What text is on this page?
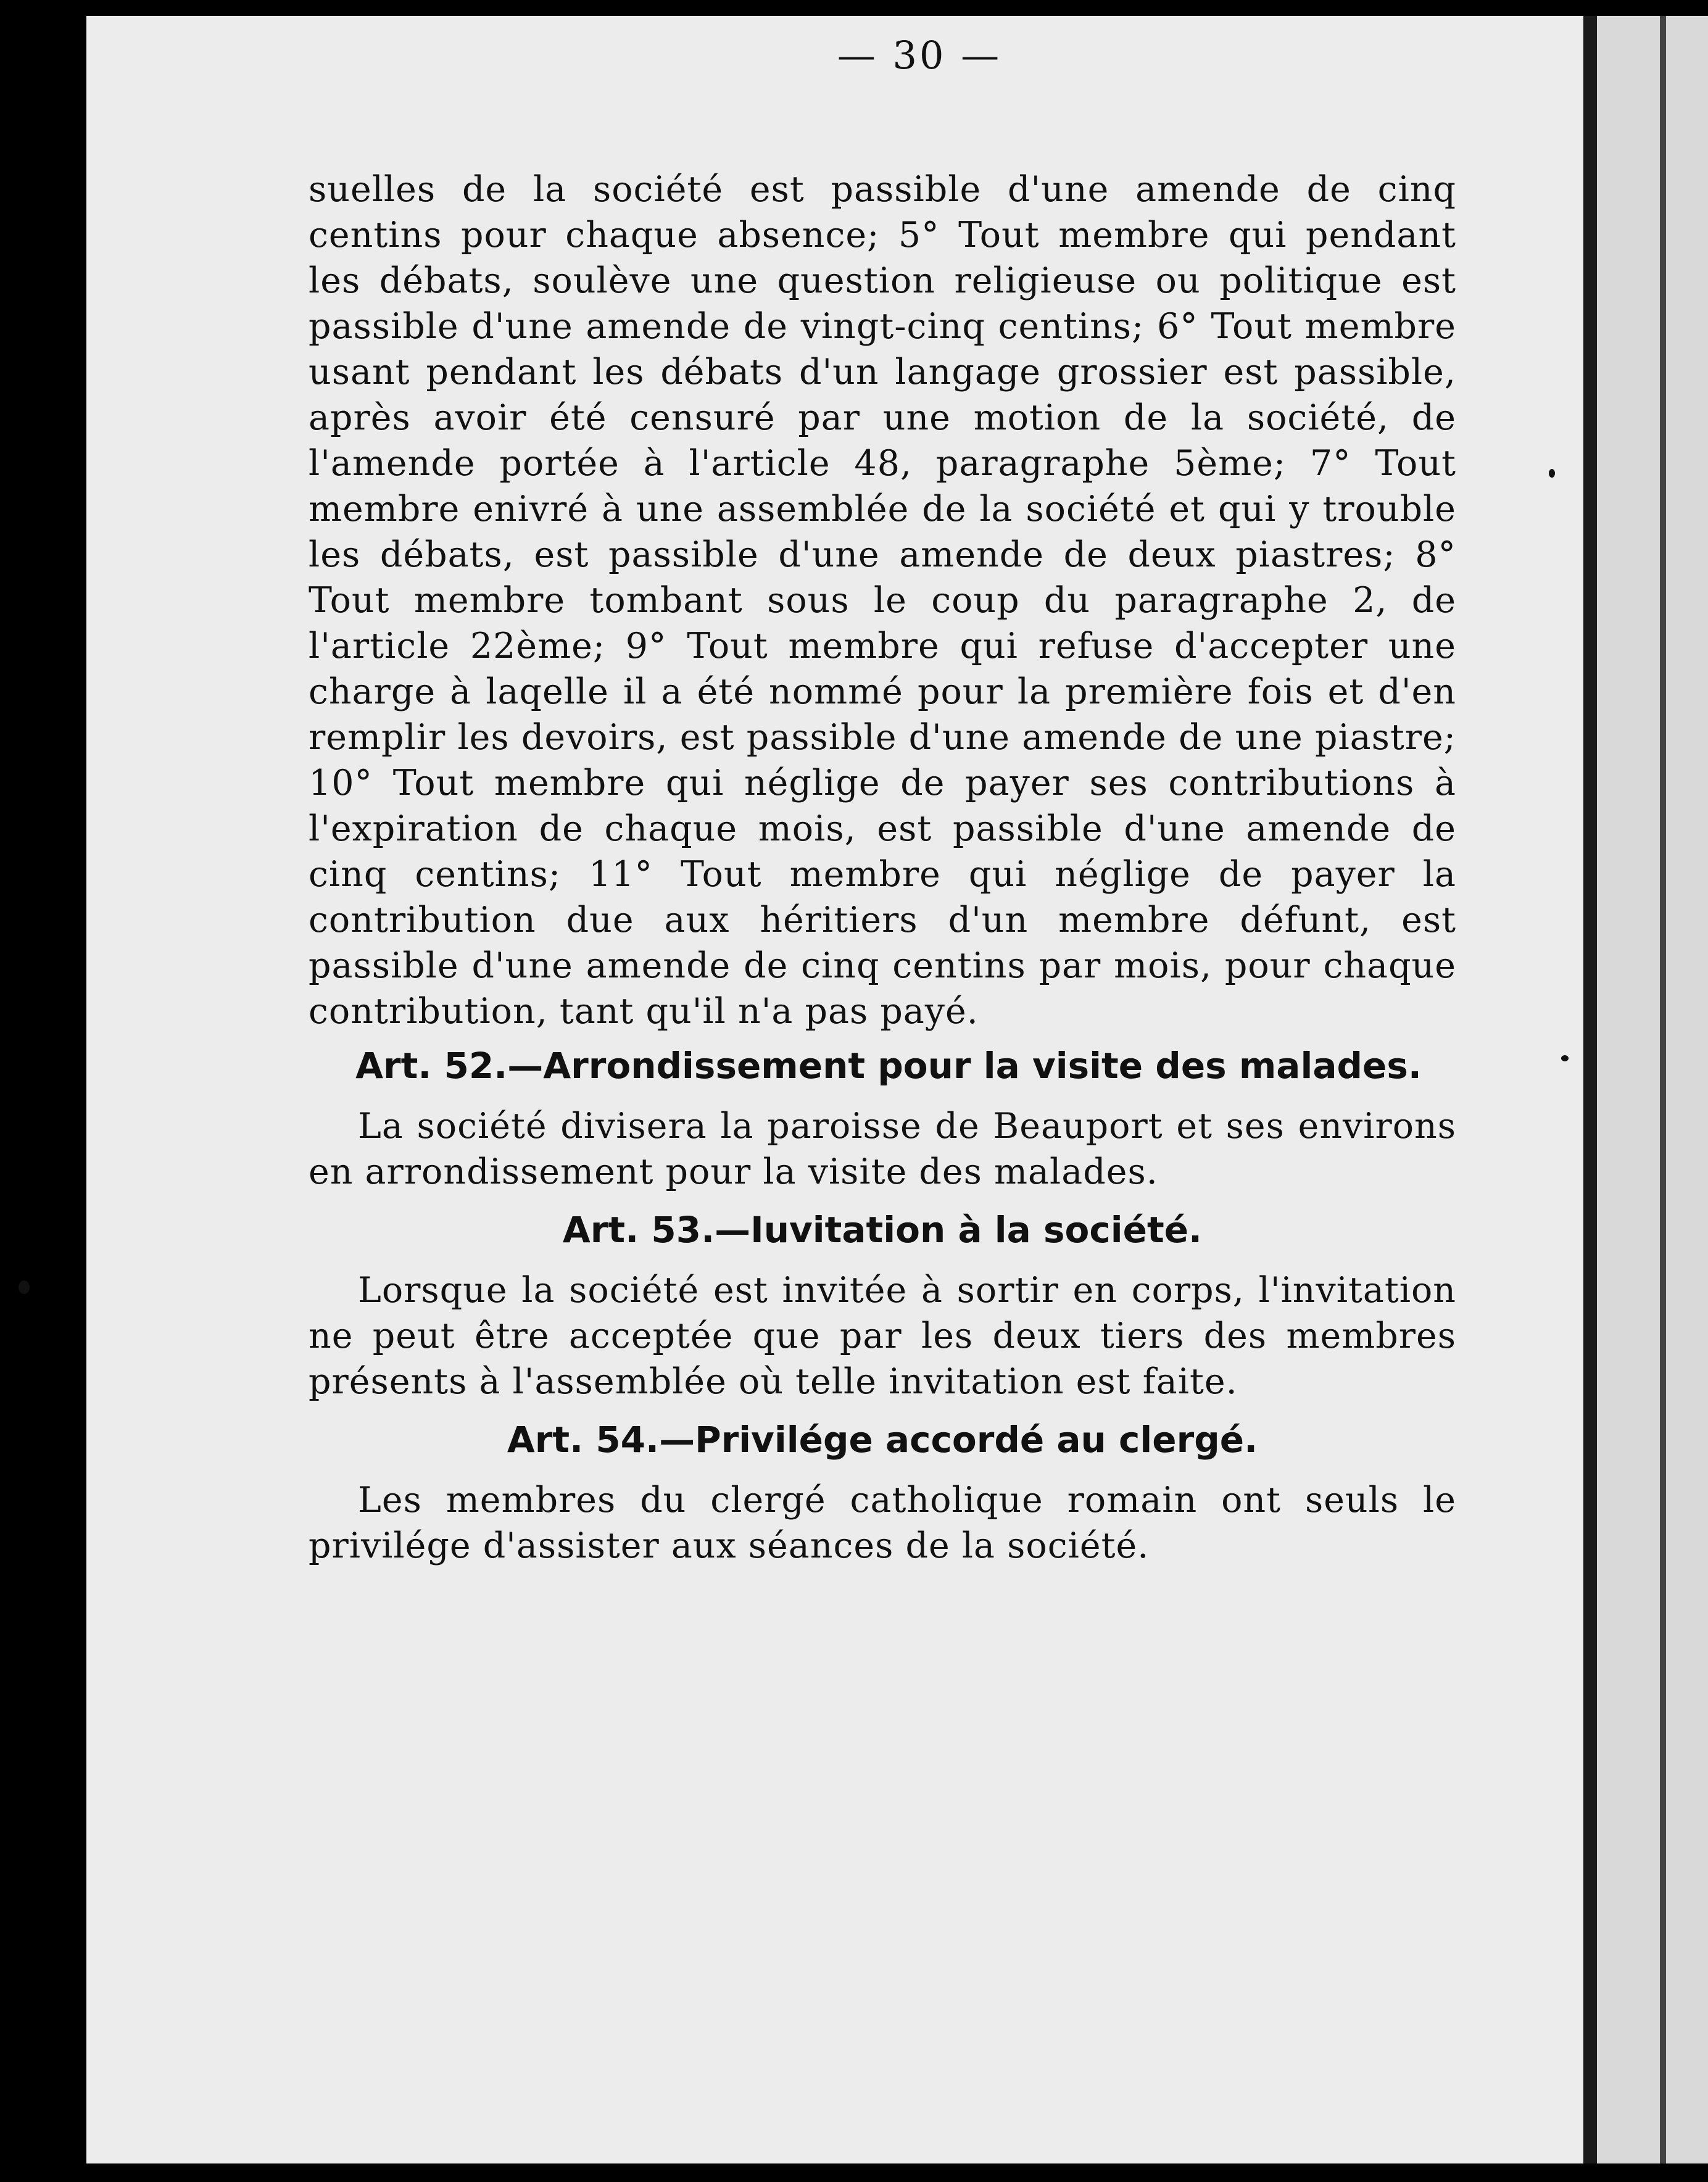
— 30 —

suelles de la société est passible d'une amende de cinq centins pour chaque absence; 5° Tout membre qui pendant les débats, soulève une question religieuse ou politique est passible d'une amende de vingt-cinq centins; 6° Tout membre usant pendant les débats d'un langage grossier est passible, après avoir été censuré par une motion de la société, de l'amende portée à l'article 48, paragraphe 5ème; 7° Tout membre enivré à une assemblée de la société et qui y trouble les débats, est passible d'une amende de deux piastres; 8° Tout membre tombant sous le coup du paragraphe 2, de l'article 22ème; 9° Tout membre qui refuse d'accepter une charge à laqelle il a été nommé pour la première fois et d'en remplir les devoirs, est passible d'une amende de une piastre; 10° Tout membre qui néglige de payer ses contributions à l'expiration de chaque mois, est passible d'une amende de cinq centins; 11° Tout membre qui néglige de payer la contribution due aux héritiers d'un membre défunt, est passible d'une amende de cinq centins par mois, pour chaque contribution, tant qu'il n'a pas payé.

Art. 52.—Arrondissement pour la visite des malades.

La société divisera la paroisse de Beauport et ses environs en arrondissement pour la visite des malades.

Art. 53.—Iuvitation à la société.

Lorsque la société est invitée à sortir en corps, l'invitation ne peut être acceptée que par les deux tiers des membres présents à l'assemblée où telle invitation est faite.

Art. 54.—Privilége accordé au clergé.

Les membres du clergé catholique romain ont seuls le privilége d'assister aux séances de la société.
